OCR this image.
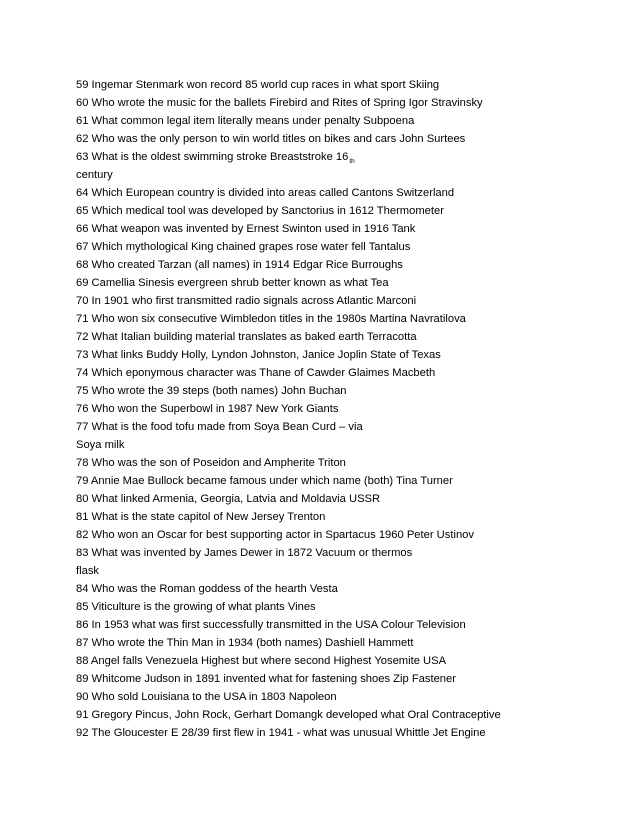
59 Ingemar Stenmark won record 85 world cup races in what sport Skiing
60 Who wrote the music for the ballets Firebird and Rites of Spring Igor Stravinsky
61 What common legal item literally means under penalty Subpoena
62 Who was the only person to win world titles on bikes and cars John Surtees
63 What is the oldest swimming stroke Breaststroke $16_{th}$
century
64 Which European country is divided into areas called Cantons Switzerland
65 Which medical tool was developed by Sanctorius in 1612 Thermometer
66 What weapon was invented by Ernest Swinton used in 1916 Tank
67 Which mythological King chained grapes rose water fell Tantalus
68 Who created Tarzan (all names) in 1914 Edgar Rice Burroughs
69 Camellia Sinesis evergreen shrub better known as what Tea
70 In 1901 who first transmitted radio signals across Atlantic Marconi
71 Who won six consecutive Wimbledon titles in the 1980s Martina Navratilova
72 What Italian building material translates as baked earth Terracotta
73 What links Buddy Holly, Lyndon Johnston, Janice Joplin State of Texas
74 Which eponymous character was Thane of Cawder Glaimes Macbeth
75 Who wrote the 39 steps (both names) John Buchan
76 Who won the Superbowl in 1987 New York Giants
77 What is the food tofu made from Soya Bean Curd – via
Soya milk
78 Who was the son of Poseidon and Ampherite Triton
79 Annie Mae Bullock became famous under which name (both) Tina Turner
80 What linked Armenia, Georgia, Latvia and Moldavia USSR
81 What is the state capitol of New Jersey Trenton
82 Who won an Oscar for best supporting actor in Spartacus 1960 Peter Ustinov
83 What was invented by James Dewer in 1872 Vacuum or thermos
flask
84 Who was the Roman goddess of the hearth Vesta
85 Viticulture is the growing of what plants Vines
86 In 1953 what was first successfully transmitted in the USA Colour Television
87 Who wrote the Thin Man in 1934 (both names) Dashiell Hammett
88 Angel falls Venezuela Highest but where second Highest Yosemite USA
89 Whitcome Judson in 1891 invented what for fastening shoes Zip Fastener
90 Who sold Louisiana to the USA in 1803 Napoleon
91 Gregory Pincus, John Rock, Gerhart Domangk developed what Oral Contraceptive
92 The Gloucester E 28/39 first flew in 1941 - what was unusual Whittle Jet Engine
